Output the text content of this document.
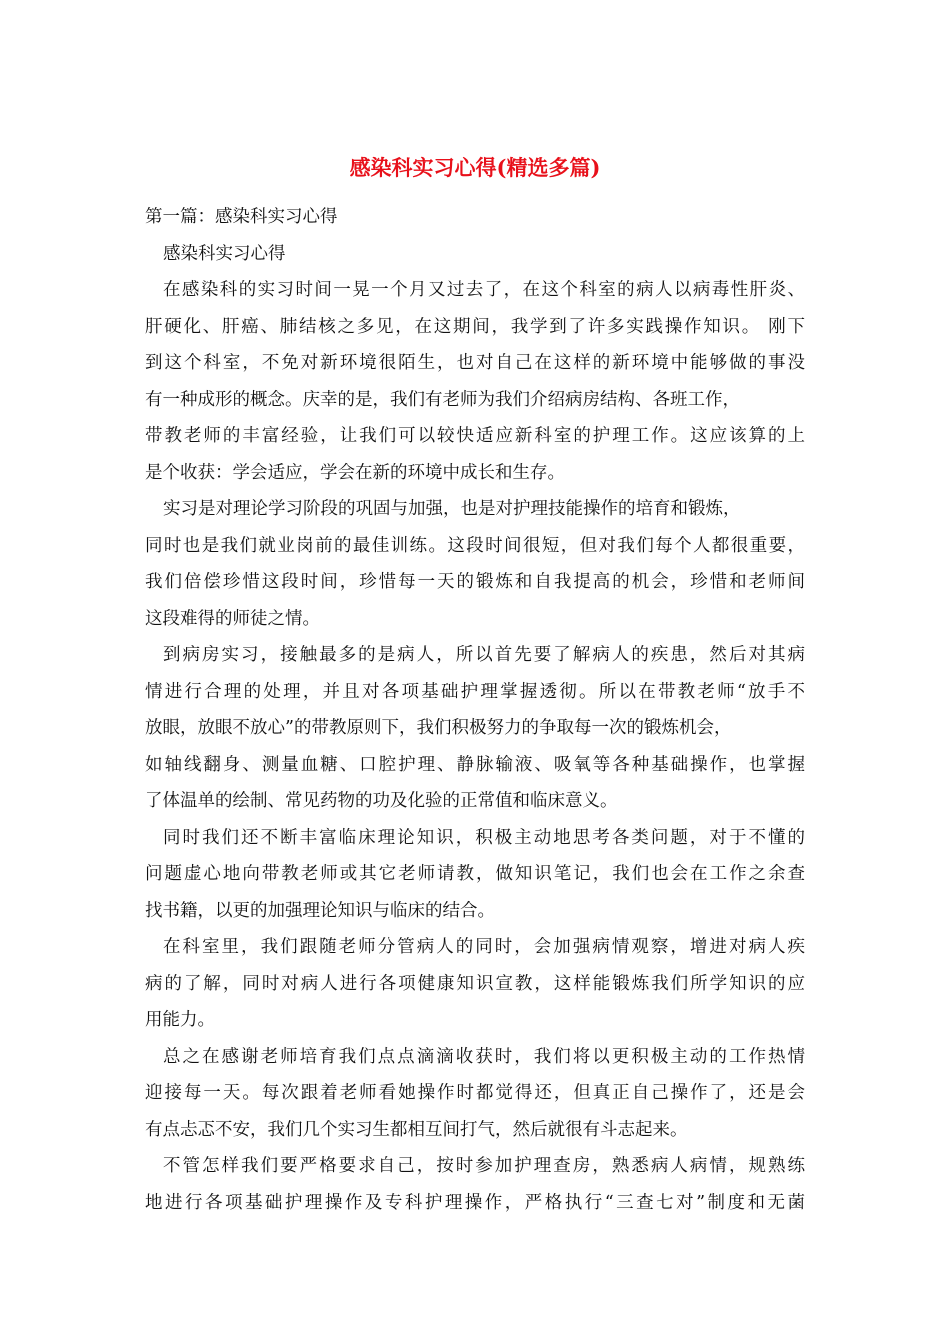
感染科实习心得(精选多篇)
第一篇：感染科实习心得
感染科实习心得
在感染科的实习时间一晃一个月又过去了，在这个科室的病人以病毒性肝炎、
肝硬化、肝癌、肺结核之多见，在这期间，我学到了许多实践操作知识。 刚下
到这个科室，不免对新环境很陌生，也对自己在这样的新环境中能够做的事没
有一种成形的概念。庆幸的是，我们有老师为我们介绍病房结构、各班工作，
带教老师的丰富经验，让我们可以较快适应新科室的护理工作。这应该算的上
是个收获：学会适应，学会在新的环境中成长和生存。
实习是对理论学习阶段的巩固与加强，也是对护理技能操作的培育和锻炼，
同时也是我们就业岗前的最佳训练。这段时间很短，但对我们每个人都很重要，
我们倍偿珍惜这段时间，珍惜每一天的锻炼和自我提高的机会，珍惜和老师间
这段难得的师徒之情。
到病房实习，接触最多的是病人，所以首先要了解病人的疾患，然后对其病
情进行合理的处理，并且对各项基础护理掌握透彻。所以在带教老师“放手不
放眼，放眼不放心”的带教原则下，我们积极努力的争取每一次的锻炼机会，
如轴线翻身、测量血糖、口腔护理、静脉输液、吸氧等各种基础操作，也掌握
了体温单的绘制、常见药物的功及化验的正常值和临床意义。
同时我们还不断丰富临床理论知识，积极主动地思考各类问题，对于不懂的
问题虚心地向带教老师或其它老师请教，做知识笔记，我们也会在工作之余查
找书籍，以更的加强理论知识与临床的结合。
在科室里，我们跟随老师分管病人的同时，会加强病情观察，增进对病人疾
病的了解，同时对病人进行各项健康知识宣教，这样能锻炼我们所学知识的应
用能力。
总之在感谢老师培育我们点点滴滴收获时，我们将以更积极主动的工作热情
迎接每一天。每次跟着老师看她操作时都觉得还，但真正自己操作了，还是会
有点忐忑不安，我们几个实习生都相互间打气，然后就很有斗志起来。
不管怎样我们要严格要求自己，按时参加护理查房，熟悉病人病情，规熟练
地进行各项基础护理操作及专科护理操作，严格执行“三查七对”制度和无菌
